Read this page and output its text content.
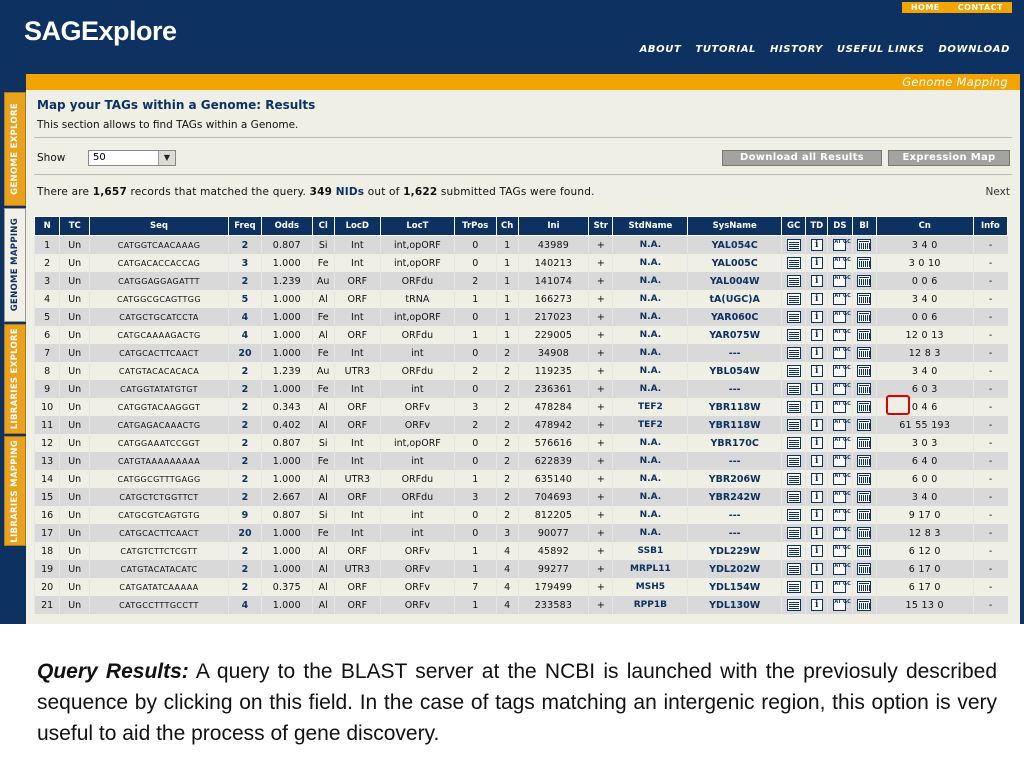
SAGExplore
HOME	CONTACT
ABOUT TUTORIAL HISTORY USEFUL LINKS DOWNLOAD
GENOME EXPLORE
GENOME MAPPING
LIBRARIES EXPLORE
LIBRARIES MAPPING
Genome Mapping
Map your TAGs within a Genome: Results
This section allows to find TAGs within a Genome.
Show	50	▼	Download all Results	Expression Map
There are 1,657 records that matched the query. 349 NIDs out of 1,622 submitted TAGs were found.	Next
N	TC	Seq	Freq	Odds	Cl	LocD	LocT	TrPos	Ch	Ini	Str	StdName	SysName	GC	TD	DS	Bl	Cn	Info
1	Un	CATGGTCAACAAAG	2	0.807	Si	Int	int,opORF	0	1	43989	+	N.A.	YAL054C		i	AT GC		3 4 0	-
2	Un	CATGACACCACCAG	3	1.000	Fe	Int	int,opORF	0	1	140213	+	N.A.	YAL005C		i	AT GC		3 0 10	-
3	Un	CATGGAGGAGATTT	2	1.239	Au	ORF	ORFdu	2	1	141074	+	N.A.	YAL004W		i	AT GC		0 0 6	-
4	Un	CATGGCGCAGTTGG	5	1.000	Al	ORF	tRNA	1	1	166273	+	N.A.	tA(UGC)A		i	AT GC		3 4 0	-
5	Un	CATGCTGCATCCTA	4	1.000	Fe	Int	int,opORF	0	1	217023	+	N.A.	YAR060C		i	AT GC		0 0 6	-
6	Un	CATGCAAAAGACTG	4	1.000	Al	ORF	ORFdu	1	1	229005	+	N.A.	YAR075W		i	AT GC		12 0 13	-
7	Un	CATGCACTTCAACT	20	1.000	Fe	Int	int	0	2	34908	+	N.A.	---		i	AT GC		12 8 3	-
8	Un	CATGTACACACACA	2	1.239	Au	UTR3	ORFdu	2	2	119235	+	N.A.	YBL054W		i	AT GC		3 4 0	-
9	Un	CATGGTATATGTGT	2	1.000	Fe	Int	int	0	2	236361	+	N.A.	---		i	AT GC		6 0 3	-
10	Un	CATGGTACAAGGGT	2	0.343	Al	ORF	ORFv	3	2	478284	+	TEF2	YBR118W		i	AT GC		0 4 6	-
11	Un	CATGAGACAAACTG	2	0.402	Al	ORF	ORFv	2	2	478942	+	TEF2	YBR118W		i	AT GC		61 55 193	-
12	Un	CATGGAAATCCGGT	2	0.807	Si	Int	int,opORF	0	2	576616	+	N.A.	YBR170C		i	AT GC		3 0 3	-
13	Un	CATGTAAAAAAAAA	2	1.000	Fe	Int	int	0	2	622839	+	N.A.	---		i	AT GC		6 4 0	-
14	Un	CATGGCGTTTGAGG	2	1.000	Al	UTR3	ORFdu	1	2	635140	+	N.A.	YBR206W		i	AT GC		6 0 0	-
15	Un	CATGCTCTGGTTCT	2	2.667	Al	ORF	ORFdu	3	2	704693	+	N.A.	YBR242W		i	AT GC		3 4 0	-
16	Un	CATGCGTCAGTGTG	9	0.807	Si	Int	int	0	2	812205	+	N.A.	---		i	AT GC		9 17 0	-
17	Un	CATGCACTTCAACT	20	1.000	Fe	Int	int	0	3	90077	+	N.A.	---		i	AT GC		12 8 3	-
18	Un	CATGTCTTCTCGTT	2	1.000	Al	ORF	ORFv	1	4	45892	+	SSB1	YDL229W		i	AT GC		6 12 0	-
19	Un	CATGTACATACATC	2	1.000	Al	UTR3	ORFv	1	4	99277	+	MRPL11	YDL202W		i	AT GC		6 17 0	-
20	Un	CATGATATCAAAAA	2	0.375	Al	ORF	ORFv	7	4	179499	+	MSH5	YDL154W		i	AT GC		6 17 0	-
21	Un	CATGCCTTTGCCTT	4	1.000	Al	ORF	ORFv	1	4	233583	+	RPP1B	YDL130W		i	AT GC		15 13 0	-
Query Results: A query to the BLAST server at the NCBI is launched with the previosuly described sequence by clicking on this field. In the case of tags matching an intergenic region, this option is very useful to aid the process of gene discovery.
